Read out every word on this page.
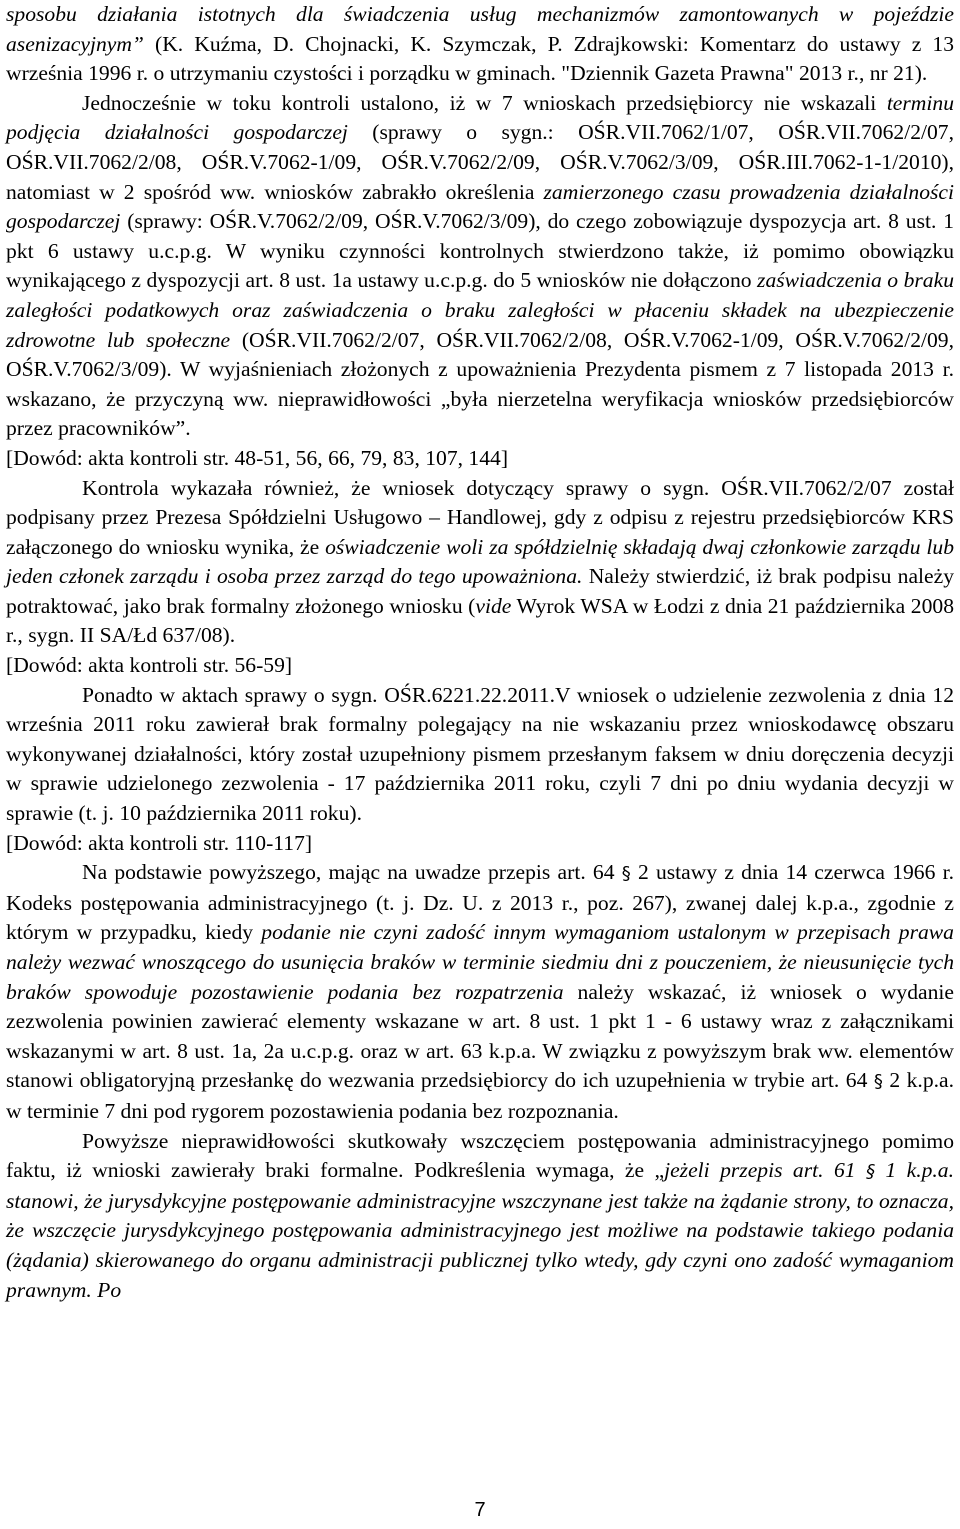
sposobu działania istotnych dla świadczenia usług mechanizmów zamontowanych w pojeździe asenizacyjnym” (K. Kuźma, D. Chojnacki, K. Szymczak, P. Zdrajkowski: Komentarz do ustawy z 13 września 1996 r. o utrzymaniu czystości i porządku w gminach. "Dziennik Gazeta Prawna" 2013 r., nr 21).

Jednocześnie w toku kontroli ustalono, iż w 7 wnioskach przedsiębiorcy nie wskazali terminu podjęcia działalności gospodarczej (sprawy o sygn.: OŚR.VII.7062/1/07, OŚR.VII.7062/2/07, OŚR.VII.7062/2/08, OŚR.V.7062-1/09, OŚR.V.7062/2/09, OŚR.V.7062/3/09, OŚR.III.7062-1-1/2010), natomiast w 2 spośród ww. wniosków zabrakło określenia zamierzonego czasu prowadzenia działalności gospodarczej (sprawy: OŚR.V.7062/2/09, OŚR.V.7062/3/09), do czego zobowiązuje dyspozycja art. 8 ust. 1 pkt 6 ustawy u.c.p.g. W wyniku czynności kontrolnych stwierdzono także, iż pomimo obowiązku wynikającego z dyspozycji art. 8 ust. 1a ustawy u.c.p.g. do 5 wniosków nie dołączono zaświadczenia o braku zaległości podatkowych oraz zaświadczenia o braku zaległości w płaceniu składek na ubezpieczenie zdrowotne lub społeczne (OŚR.VII.7062/2/07, OŚR.VII.7062/2/08, OŚR.V.7062-1/09, OŚR.V.7062/2/09, OŚR.V.7062/3/09). W wyjaśnieniach złożonych z upoważnienia Prezydenta pismem z 7 listopada 2013 r. wskazano, że przyczyną ww. nieprawidłowości „była nierzetelna weryfikacja wniosków przedsiębiorców przez pracowników”.

[Dowód: akta kontroli str. 48-51, 56, 66, 79, 83, 107, 144]

Kontrola wykazała również, że wniosek dotyczący sprawy o sygn. OŚR.VII.7062/2/07 został podpisany przez Prezesa Spółdzielni Usługowo – Handlowej, gdy z odpisu z rejestru przedsiębiorców KRS załączonego do wniosku wynika, że oświadczenie woli za spółdzielnię składają dwaj członkowie zarządu lub jeden członek zarządu i osoba przez zarząd do tego upoważniona. Należy stwierdzić, iż brak podpisu należy potraktować, jako brak formalny złożonego wniosku (vide Wyrok WSA w Łodzi z dnia 21 października 2008 r., sygn. II SA/Łd 637/08).

[Dowód: akta kontroli str. 56-59]

Ponadto w aktach sprawy o sygn. OŚR.6221.22.2011.V wniosek o udzielenie zezwolenia z dnia 12 września 2011 roku zawierał brak formalny polegający na nie wskazaniu przez wnioskodawcę obszaru wykonywanej działalności, który został uzupełniony pismem przesłanym faksem w dniu doręczenia decyzji w sprawie udzielonego zezwolenia - 17 października 2011 roku, czyli 7 dni po dniu wydania decyzji w sprawie (t. j. 10 października 2011 roku).

[Dowód: akta kontroli str. 110-117]

Na podstawie powyższego, mając na uwadze przepis art. 64 § 2 ustawy z dnia 14 czerwca 1966 r. Kodeks postępowania administracyjnego (t. j. Dz. U. z 2013 r., poz. 267), zwanej dalej k.p.a., zgodnie z którym w przypadku, kiedy podanie nie czyni zadość innym wymaganiom ustalonym w przepisach prawa należy wezwać wnoszącego do usunięcia braków w terminie siedmiu dni z pouczeniem, że nieusunięcie tych braków spowoduje pozostawienie podania bez rozpatrzenia należy wskazać, iż wniosek o wydanie zezwolenia powinien zawierać elementy wskazane w art. 8 ust. 1 pkt 1 - 6 ustawy wraz z załącznikami wskazanymi w art. 8 ust. 1a, 2a u.c.p.g. oraz w art. 63 k.p.a. W związku z powyższym brak ww. elementów stanowi obligatoryjną przesłankę do wezwania przedsiębiorcy do ich uzupełnienia w trybie art. 64 § 2 k.p.a. w terminie 7 dni pod rygorem pozostawienia podania bez rozpoznania.

Powyższe nieprawidłowości skutkowały wszczęciem postępowania administracyjnego pomimo faktu, iż wnioski zawierały braki formalne. Podkreślenia wymaga, że „jeżeli przepis art. 61 § 1 k.p.a. stanowi, że jurysdykcyjne postępowanie administracyjne wszczynane jest także na żądanie strony, to oznacza, że wszczęcie jurysdykcyjnego postępowania administracyjnego jest możliwe na podstawie takiego podania (żądania) skierowanego do organu administracji publicznej tylko wtedy, gdy czyni ono zadość wymaganiom prawnym. Po

7
